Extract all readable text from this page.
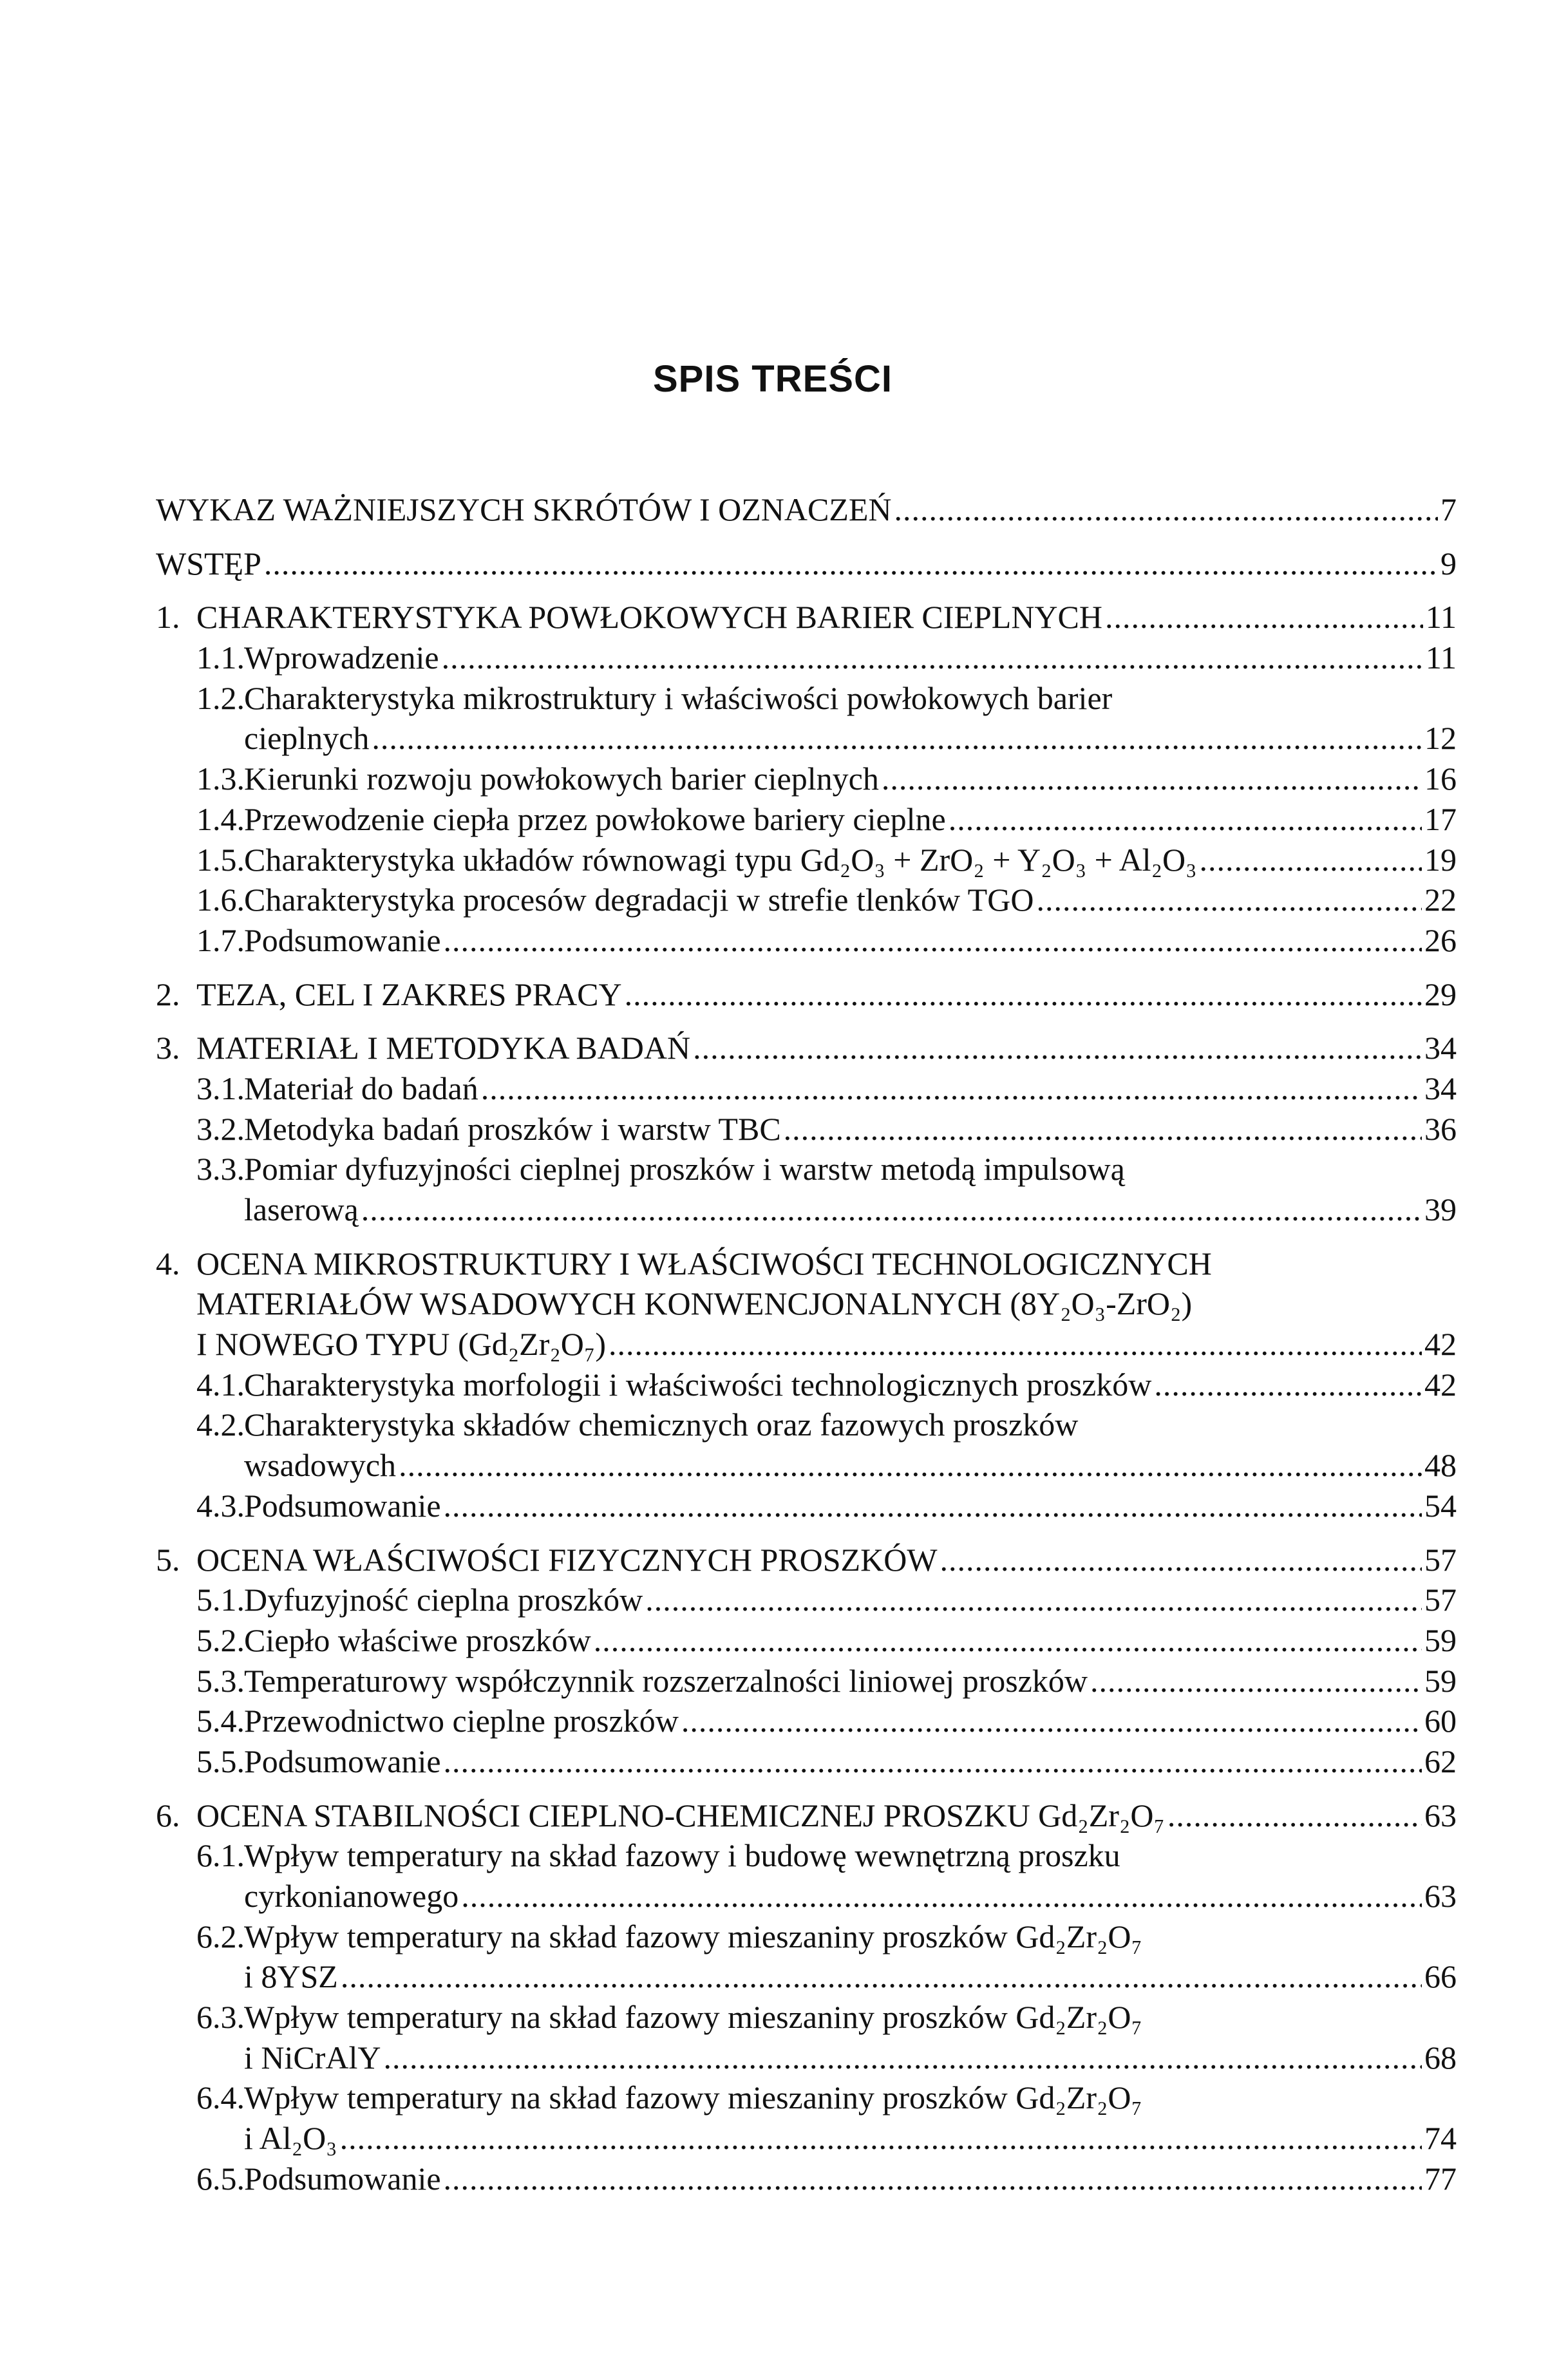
SPIS TREŚCI
WYKAZ WAŻNIEJSZYCH SKRÓTÓW I OZNACZEŃ .....	7
WSTĘP .....	9
1. CHARAKTERYSTYKA POWŁOKOWYCH BARIER CIEPLNYCH .....	11
1.1. Wprowadzenie .....	11
1.2. Charakterystyka mikrostruktury i właściwości powłokowych barier
cieplnych .....	12
1.3. Kierunki rozwoju powłokowych barier cieplnych .....	16
1.4. Przewodzenie ciepła przez powłokowe bariery cieplne .....	17
1.5. Charakterystyka układów równowagi typu Gd₂O₃ + ZrO₂ + Y₂O₃ + Al₂O₃ .....	19
1.6. Charakterystyka procesów degradacji w strefie tlenków TGO .....	22
1.7. Podsumowanie .....	26
2. TEZA, CEL I ZAKRES PRACY .....	29
3. MATERIAŁ I METODYKA BADAŃ .....	34
3.1. Materiał do badań .....	34
3.2. Metodyka badań proszków i warstw TBC .....	36
3.3. Pomiar dyfuzyjności cieplnej proszków i warstw metodą impulsową
laserową .....	39
4. OCENA MIKROSTRUKTURY I WŁAŚCIWOŚCI TECHNOLOGICZNYCH
MATERIAŁÓW WSADOWYCH KONWENCJONALNYCH (8Y₂O₃-ZrO₂)
I NOWEGO TYPU (Gd₂Zr₂O₇) .....	42
4.1. Charakterystyka morfologii i właściwości technologicznych proszków .....	42
4.2. Charakterystyka składów chemicznych oraz fazowych proszków
wsadowych .....	48
4.3. Podsumowanie .....	54
5. OCENA WŁAŚCIWOŚCI FIZYCZNYCH PROSZKÓW .....	57
5.1. Dyfuzyjność cieplna proszków .....	57
5.2. Ciepło właściwe proszków .....	59
5.3. Temperaturowy współczynnik rozszerzalności liniowej proszków .....	59
5.4. Przewodnictwo cieplne proszków .....	60
5.5. Podsumowanie .....	62
6. OCENA STABILNOŚCI CIEPLNO-CHEMICZNEJ PROSZKU Gd₂Zr₂O₇ .....	63
6.1. Wpływ temperatury na skład fazowy i budowę wewnętrzną proszku
cyrkonianowego .....	63
6.2. Wpływ temperatury na skład fazowy mieszaniny proszków Gd₂Zr₂O₇
i 8YSZ .....	66
6.3. Wpływ temperatury na skład fazowy mieszaniny proszków Gd₂Zr₂O₇
i NiCrAlY .....	68
6.4. Wpływ temperatury na skład fazowy mieszaniny proszków Gd₂Zr₂O₇
i Al₂O₃ .....	74
6.5. Podsumowanie .....	77
